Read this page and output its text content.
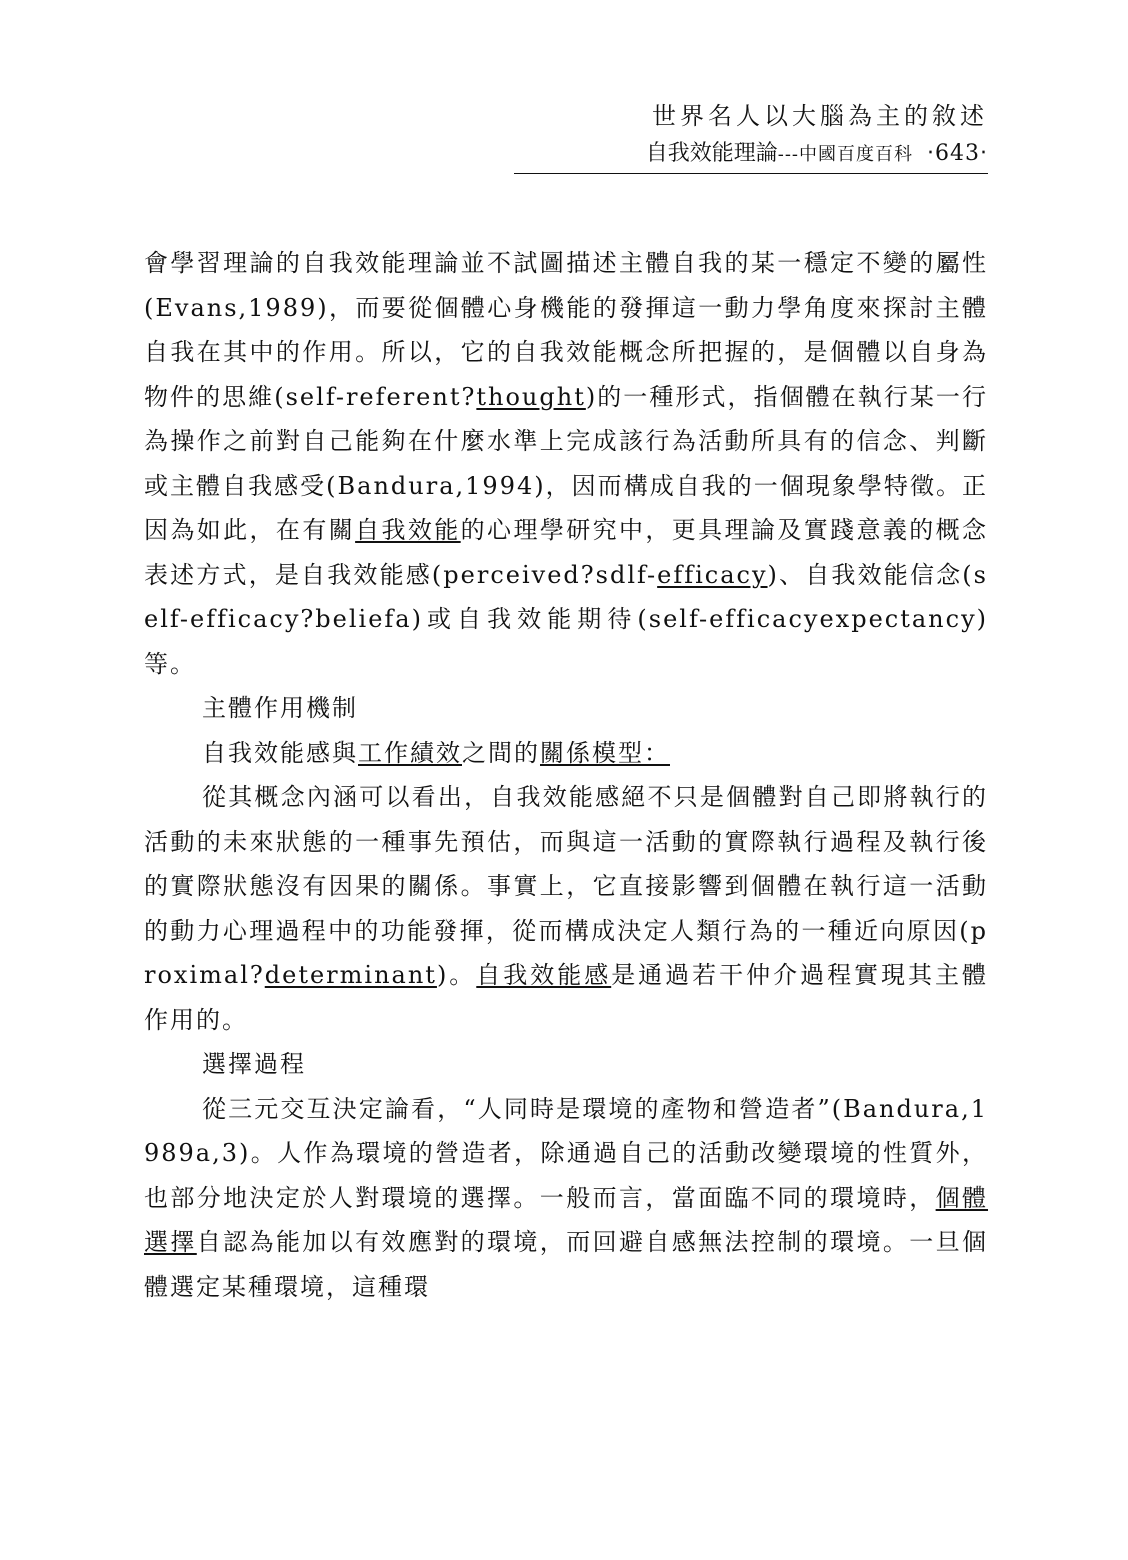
世界名人以大腦為主的敘述
自我效能理論---中國百度百科 ‧643‧

會學習理論的自我效能理論並不試圖描述主體自我的某一穩定不變的屬性(Evans,1989)，而要從個體心身機能的發揮這一動力學角度來探討主體自我在其中的作用。所以，它的自我效能概念所把握的，是個體以自身為物件的思維(self-referent?thought)的一種形式，指個體在執行某一行為操作之前對自己能夠在什麼水準上完成該行為活動所具有的信念、判斷或主體自我感受(Bandura,1994)，因而構成自我的一個現象學特徵。正因為如此，在有關自我效能的心理學研究中，更具理論及實踐意義的概念表述方式，是自我效能感(perceived?sdlf-efficacy)、自我效能信念(self-efficacy?beliefa)或自我效能期待(self-efficacyexpectancy)等。

主體作用機制

自我效能感與工作績效之間的關係模型：

從其概念內涵可以看出，自我效能感絕不只是個體對自己即將執行的活動的未來狀態的一種事先預估，而與這一活動的實際執行過程及執行後的實際狀態沒有因果的關係。事實上，它直接影響到個體在執行這一活動的動力心理過程中的功能發揮，從而構成決定人類行為的一種近向原因(proximal?determinant)。自我效能感是通過若干仲介過程實現其主體作用的。

選擇過程

從三元交互決定論看，“人同時是環境的產物和營造者”(Bandura,1989a,3)。人作為環境的營造者，除通過自己的活動改變環境的性質外，也部分地決定於人對環境的選擇。一般而言，當面臨不同的環境時，個體選擇自認為能加以有效應對的環境，而回避自感無法控制的環境。一旦個體選定某種環境，這種環
